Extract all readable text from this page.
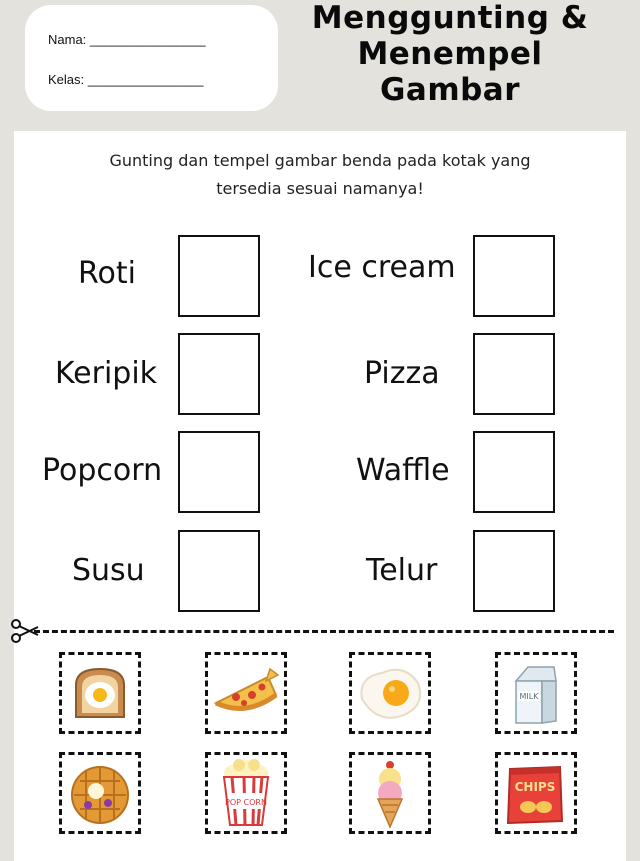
Nama: ________________
Kelas: ________________
Menggunting &
Menempel
Gambar
Gunting dan tempel gambar benda pada kotak yang
tersedia sesuai namanya!
Roti
Keripik
Popcorn
Susu
Ice cream
Pizza
Waffle
Telur
MILK
POP CORN
CHIPS
